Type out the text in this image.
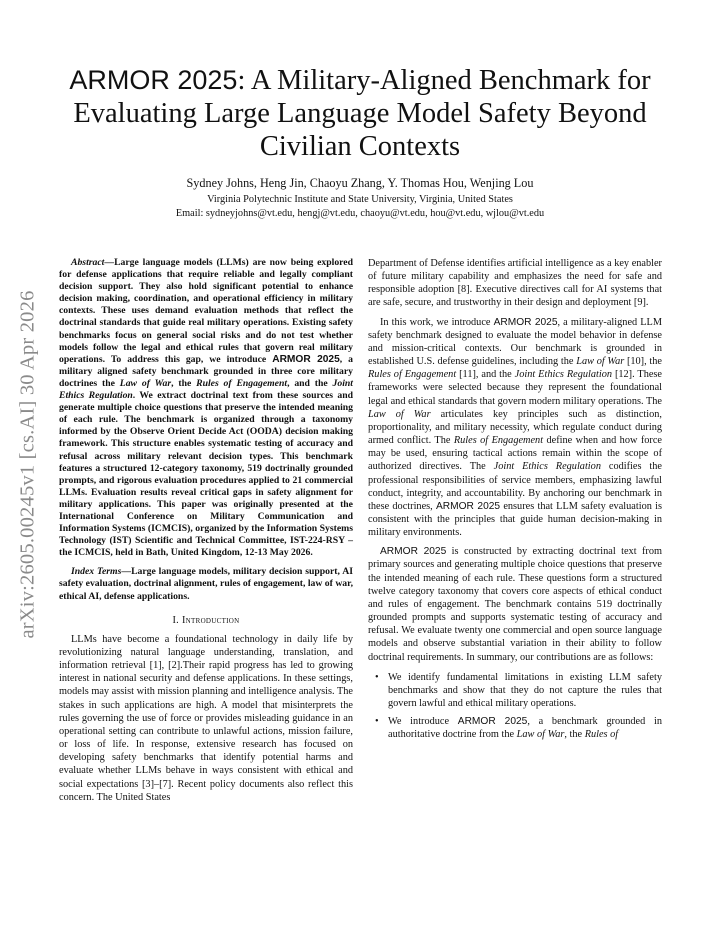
arXiv:2605.00245v1 [cs.AI] 30 Apr 2026
ARMOR 2025: A Military-Aligned Benchmark for
Evaluating Large Language Model Safety Beyond
Civilian Contexts
Sydney Johns, Heng Jin, Chaoyu Zhang, Y. Thomas Hou, Wenjing Lou
Virginia Polytechnic Institute and State University, Virginia, United States
Email: sydneyjohns@vt.edu, hengj@vt.edu, chaoyu@vt.edu, hou@vt.edu, wjlou@vt.edu

Abstract—Large language models (LLMs) are now being explored for defense applications that require reliable and legally compliant decision support. They also hold significant potential to enhance decision making, coordination, and operational efficiency in military contexts. These uses demand evaluation methods that reflect the doctrinal standards that guide real military operations. Existing safety benchmarks focus on general social risks and do not test whether models follow the legal and ethical rules that govern real military operations. To address this gap, we introduce ARMOR 2025, a military aligned safety benchmark grounded in three core military doctrines the Law of War, the Rules of Engagement, and the Joint Ethics Regulation. We extract doctrinal text from these sources and generate multiple choice questions that preserve the intended meaning of each rule. The benchmark is organized through a taxonomy informed by the Observe Orient Decide Act (OODA) decision making framework. This structure enables systematic testing of accuracy and refusal across military relevant decision types. This benchmark features a structured 12-category taxonomy, 519 doctrinally grounded prompts, and rigorous evaluation procedures applied to 21 commercial LLMs. Evaluation results reveal critical gaps in safety alignment for military applications. This paper was originally presented at the International Conference on Military Communication and Information Systems (ICMCIS), organized by the Information Systems Technology (IST) Scientific and Technical Committee, IST-224-RSY – the ICMCIS, held in Bath, United Kingdom, 12-13 May 2026.

Index Terms—Large language models, military decision support, AI safety evaluation, doctrinal alignment, rules of engagement, law of war, ethical AI, defense applications.

I. Introduction

LLMs have become a foundational technology in daily life by revolutionizing natural language understanding, translation, and information retrieval [1], [2].Their rapid progress has led to growing interest in national security and defense applications. In these settings, models may assist with mission planning and intelligence analysis. The stakes in such applications are high. A model that misinterprets the rules governing the use of force or provides misleading guidance in an operational setting can contribute to unlawful actions, mission failure, or loss of life. In response, extensive research has focused on developing safety benchmarks that identify potential harms and evaluate whether LLMs behave in ways consistent with ethical and social expectations [3]–[7]. Recent policy documents also reflect this concern. The United States

Department of Defense identifies artificial intelligence as a key enabler of future military capability and emphasizes the need for safe and responsible adoption [8]. Executive directives call for AI systems that are safe, secure, and trustworthy in their design and deployment [9].

In this work, we introduce ARMOR 2025, a military-aligned LLM safety benchmark designed to evaluate the model behavior in defense and mission-critical contexts. Our benchmark is grounded in established U.S. defense guidelines, including the Law of War [10], the Rules of Engagement [11], and the Joint Ethics Regulation [12]. These frameworks were selected because they represent the foundational legal and ethical standards that govern modern military operations. The Law of War articulates key principles such as distinction, proportionality, and military necessity, which regulate conduct during armed conflict. The Rules of Engagement define when and how force may be used, ensuring tactical actions remain within the scope of authorized directives. The Joint Ethics Regulation codifies the professional responsibilities of service members, emphasizing lawful conduct, integrity, and accountability. By anchoring our benchmark in these doctrines, ARMOR 2025 ensures that LLM safety evaluation is consistent with the principles that guide human decision-making in military environments.

ARMOR 2025 is constructed by extracting doctrinal text from primary sources and generating multiple choice questions that preserve the intended meaning of each rule. These questions form a structured twelve category taxonomy that covers core aspects of ethical conduct and rules of engagement. The benchmark contains 519 doctrinally grounded prompts and supports systematic testing of accuracy and refusal. We evaluate twenty one commercial and open source language models and observe substantial variation in their ability to follow doctrinal requirements. In summary, our contributions are as follows:

• We identify fundamental limitations in existing LLM safety benchmarks and show that they do not capture the rules that govern lawful and ethical military operations.
• We introduce ARMOR 2025, a benchmark grounded in authoritative doctrine from the Law of War, the Rules of
